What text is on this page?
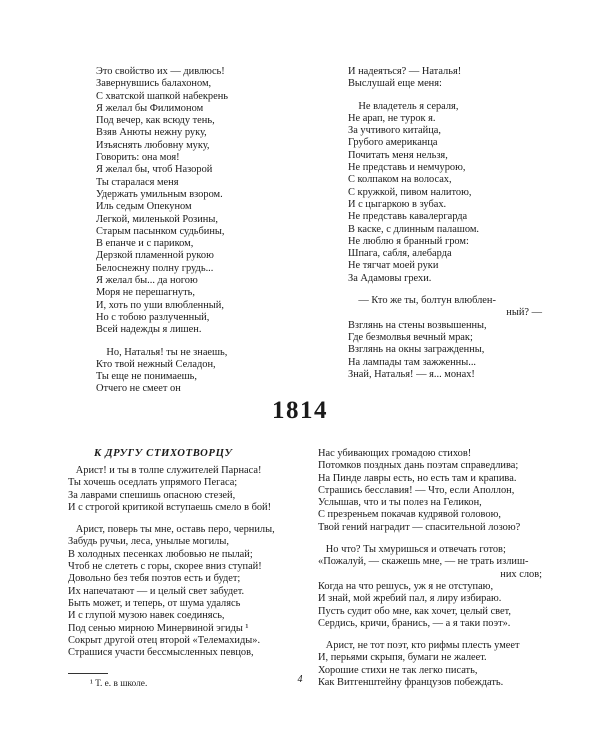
Это свойство их — дивлюсь!
Завернувшись балахоном,
С хватской шапкой набекрень
Я желал бы Филимоном
Под вечер, как всюду тень,
Взяв Анюты нежну руку,
Изъяснять любовну муку,
Говорить: она моя!
Я желал бы, чтоб Назорой
Ты старалася меня
Удержать умильным взором.
Иль седым Опекуном
Легкой, миленькой Розины,
Старым пасынком судьбины,
В епанче и с париком,
Дерзкой пламенной рукою
Белоснежну полну грудь...
Я желал бы... да ногою
Моря не перешагнуть,
И, хоть по уши влюбленный,
Но с тобою разлученный,
Всей надежды я лишен.
Но, Наталья! ты не знаешь,
Кто твой нежный Селадон,
Ты еще не понимаешь,
Отчего не смеет он
И надеяться? — Наталья!
Выслушай еще меня:
Не владетель я сераля,
Не арап, не турок я.
За учтивого китайца,
Грубого американца
Почитать меня нельзя,
Не представь и немчурою,
С колпаком на волосах,
С кружкой, пивом налитою,
И с цыгаркою в зубах.
Не представь кавалергарда
В каске, с длинным палашом.
Не люблю я бранный гром:
Шпага, сабля, алебарда
Не тягчат моей руки
За Адамовы грехи.
— Кто же ты, болтун влюблен-
ный? —
Взглянь на стены возвышенны,
Где безмолвья вечный мрак;
Взглянь на окны загражденны,
На лампады там зажженны...
Знай, Наталья! — я... монах!
1814
К ДРУГУ СТИХОТВОРЦУ
Арист! и ты в толпе служителей Парнаса!
Ты хочешь оседлать упрямого Пегаса;
За лаврами спешишь опасною стезей,
И с строгой критикой вступаешь смело в бой!
Арист, поверь ты мне, оставь перо, чернилы,
Забудь ручьи, леса, унылые могилы,
В холодных песенках любовью не пылай;
Чтоб не слететь с горы, скорее вниз ступай!
Довольно без тебя поэтов есть и будет;
Их напечатают — и целый свет забудет.
Быть может, и теперь, от шума удалясь
И с глупой музою навек соединясь,
Под сенью мирною Минервиной эгиды ¹
Сокрыт другой отец второй «Телемахиды».
Страшися участи бессмысленных певцов,
¹ Т. е. в школе.
Нас убивающих громадою стихов!
Потомков поздных дань поэтам справедлива;
На Пинде лавры есть, но есть там и крапива.
Страшись бесславия! — Что, если Аполлон,
Услышав, что и ты полез на Геликон,
С презреньем покачав кудрявой головою,
Твой гений наградит — спасительной лозою?
Но что? Ты хмуришься и отвечать готов;
«Пожалуй, — скажешь мне, — не трать излиш-
них слов;
Когда на что решусь, уж я не отступаю,
И знай, мой жребий пал, я лиру избираю.
Пусть судит обо мне, как хочет, целый свет,
Сердись, кричи, бранись, — а я таки поэт».
Арист, не тот поэт, кто рифмы плесть умеет
И, перьями скрыпя, бумаги не жалеет.
Хорошие стихи не так легко писать,
Как Витгенштейну французов побеждать.
4
